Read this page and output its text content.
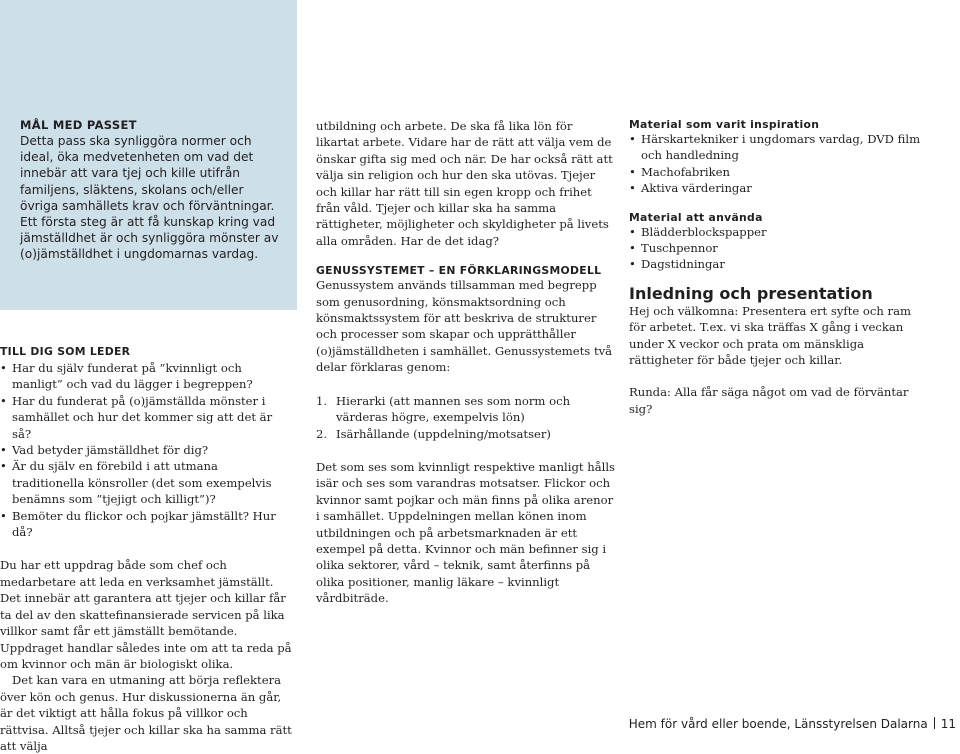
MÅL MED PASSET

Detta pass ska synliggöra normer och ideal, öka medvetenheten om vad det innebär att vara tjej och kille utifrån familjens, släktens, skolans och/eller övriga samhällets krav och förväntningar. Ett första steg är att få kunskap kring vad jämställdhet är och synliggöra mönster av (o)jämställdhet i ungdomarnas vardag.

TILL DIG SOM LEDER

• Har du själv funderat på ”kvinnligt och manligt” och vad du lägger i begreppen?
• Har du funderat på (o)jämställda mönster i samhället och hur det kommer sig att det är så?
• Vad betyder jämställdhet för dig?
• Är du själv en förebild i att utmana traditionella könsroller (det som exempelvis benämns som ”tjejigt och killigt”)?
• Bemöter du flickor och pojkar jämställt? Hur då?

Du har ett uppdrag både som chef och medarbetare att leda en verksamhet jämställt. Det innebär att garantera att tjejer och killar får ta del av den skattefinansierade servicen på lika villkor samt får ett jämställt bemötande. Uppdraget handlar således inte om att ta reda på om kvinnor och män är biologiskt olika.

Det kan vara en utmaning att börja reflektera över kön och genus. Hur diskussionerna än går, är det viktigt att hålla fokus på villkor och rättvisa. Alltså tjejer och killar ska ha samma rätt att välja

utbildning och arbete. De ska få lika lön för likartat arbete. Vidare har de rätt att välja vem de önskar gifta sig med och när. De har också rätt att välja sin religion och hur den ska utövas. Tjejer och killar har rätt till sin egen kropp och frihet från våld. Tjejer och killar ska ha samma rättigheter, möjligheter och skyldigheter på livets alla områden. Har de det idag?

GENUSSYSTEMET – EN FÖRKLARINGSMODELL

Genussystem används tillsamman med begrepp som genusordning, könsmaktsordning och könsmaktssystem för att beskriva de strukturer och processer som skapar och upprätthåller (o)jämställdheten i samhället. Genussystemets två delar förklaras genom:

1. Hierarki (att mannen ses som norm och värderas högre, exempelvis lön)
2. Isärhållande (uppdelning/motsatser)

Det som ses som kvinnligt respektive manligt hålls isär och ses som varandras motsatser. Flickor och kvinnor samt pojkar och män finns på olika arenor i samhället. Uppdelningen mellan könen inom utbildningen och på arbetsmarknaden är ett exempel på detta. Kvinnor och män befinner sig i olika sektorer, vård – teknik, samt återfinns på olika positioner, manlig läkare – kvinnligt vårdbiträde.

Material som varit inspiration

• Härskartekniker i ungdomars vardag, DVD film och handledning
• Machofabriken
• Aktiva värderingar

Material att använda

• Blädderblockspapper
• Tuschpennor
• Dagstidningar

Inledning och presentation

Hej och välkomna: Presentera ert syfte och ram för arbetet. T.ex. vi ska träffas X gång i veckan under X veckor och prata om mänskliga rättigheter för både tjejer och killar.

Runda: Alla får säga något om vad de förväntar sig?

Hem för vård eller boende, Länsstyrelsen Dalarna 11
